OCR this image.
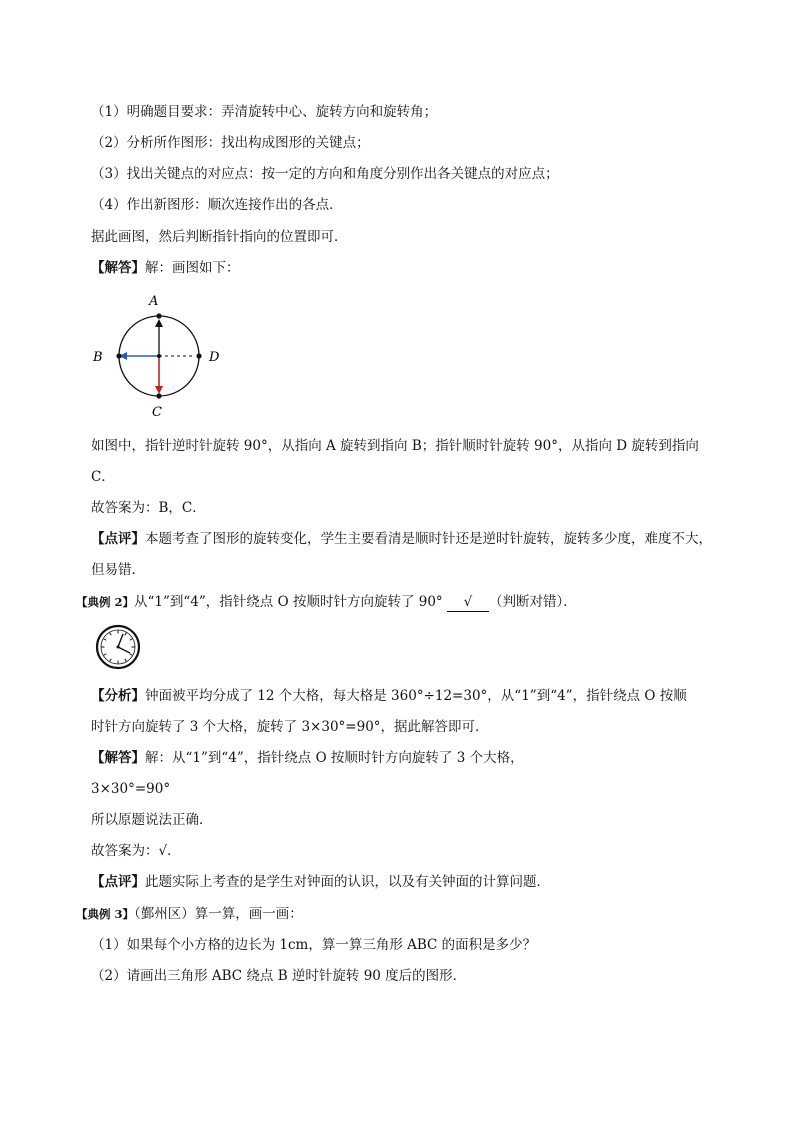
（1）明确题目要求：弄清旋转中心、旋转方向和旋转角；
（2）分析所作图形：找出构成图形的关键点；
（3）找出关键点的对应点：按一定的方向和角度分别作出各关键点的对应点；
（4）作出新图形：顺次连接作出的各点．
据此画图，然后判断指针指向的位置即可．
【解答】解：画图如下：
A
B
C
D
如图中，指针逆时针旋转 90°，从指向 A 旋转到指向 B；指针顺时针旋转 90°，从指向 D 旋转到指向
C．
故答案为：B，C．
【点评】本题考查了图形的旋转变化，学生主要看清是顺时针还是逆时针旋转，旋转多少度，难度不大，
但易错．
【典例 2】从“1”到“4”，指针绕点 O 按顺时针方向旋转了 90° √ （判断对错）．
【分析】钟面被平均分成了 12 个大格，每大格是 360°÷12=30°，从“1”到“4”，指针绕点 O 按顺
时针方向旋转了 3 个大格，旋转了 3×30°=90°，据此解答即可．
【解答】解：从“1”到“4”，指针绕点 O 按顺时针方向旋转了 3 个大格，
3×30°=90°
所以原题说法正确．
故答案为：√．
【点评】此题实际上考查的是学生对钟面的认识，以及有关钟面的计算问题．
【典例 3】（鄞州区）算一算，画一画：
（1）如果每个小方格的边长为 1cm，算一算三角形 ABC 的面积是多少？
（2）请画出三角形 ABC 绕点 B 逆时针旋转 90 度后的图形．
